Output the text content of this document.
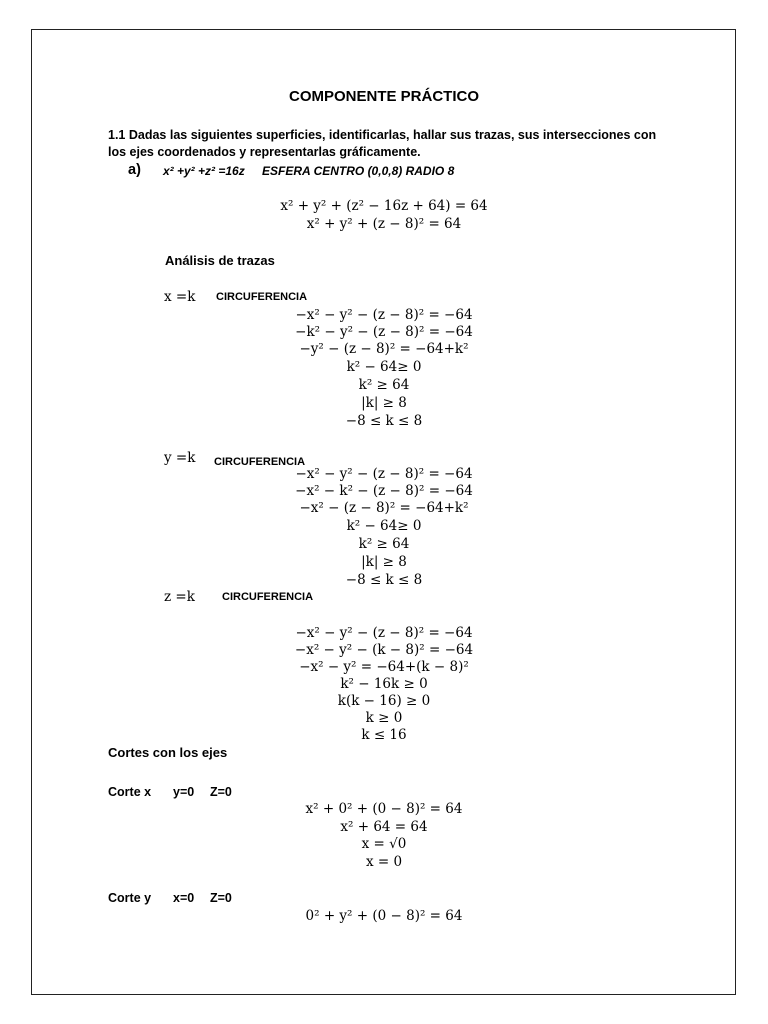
COMPONENTE PRÁCTICO
1.1 Dadas las siguientes superficies, identificarlas, hallar sus trazas, sus intersecciones con
los ejes coordenados y representarlas gráficamente.
a) x² +y² +z² =16z ESFERA CENTRO (0,0,8) RADIO 8
x² + y² + (z² − 16z + 64) = 64
x² + y² + (z − 8)² = 64
Análisis de trazas
x =k CIRCUFERENCIA
−x² − y² − (z − 8)² = −64
−k² − y² − (z − 8)² = −64
−y² − (z − 8)² = −64+k²
k² − 64≥ 0
k² ≥ 64
|k| ≥ 8
−8 ≤ k ≤ 8
y =k CIRCUFERENCIA
−x² − y² − (z − 8)² = −64
−x² − k² − (z − 8)² = −64
−x² − (z − 8)² = −64+k²
k² − 64≥ 0
k² ≥ 64
|k| ≥ 8
−8 ≤ k ≤ 8
z =k CIRCUFERENCIA
−x² − y² − (z − 8)² = −64
−x² − y² − (k − 8)² = −64
−x² − y² = −64+(k − 8)²
k² − 16k ≥ 0
k(k − 16) ≥ 0
k ≥ 0
k ≤ 16
Cortes con los ejes
Corte x y=0 Z=0
x² + 0² + (0 − 8)² = 64
x² + 64 = 64
x = √0
x = 0
Corte y x=0 Z=0
0² + y² + (0 − 8)² = 64
